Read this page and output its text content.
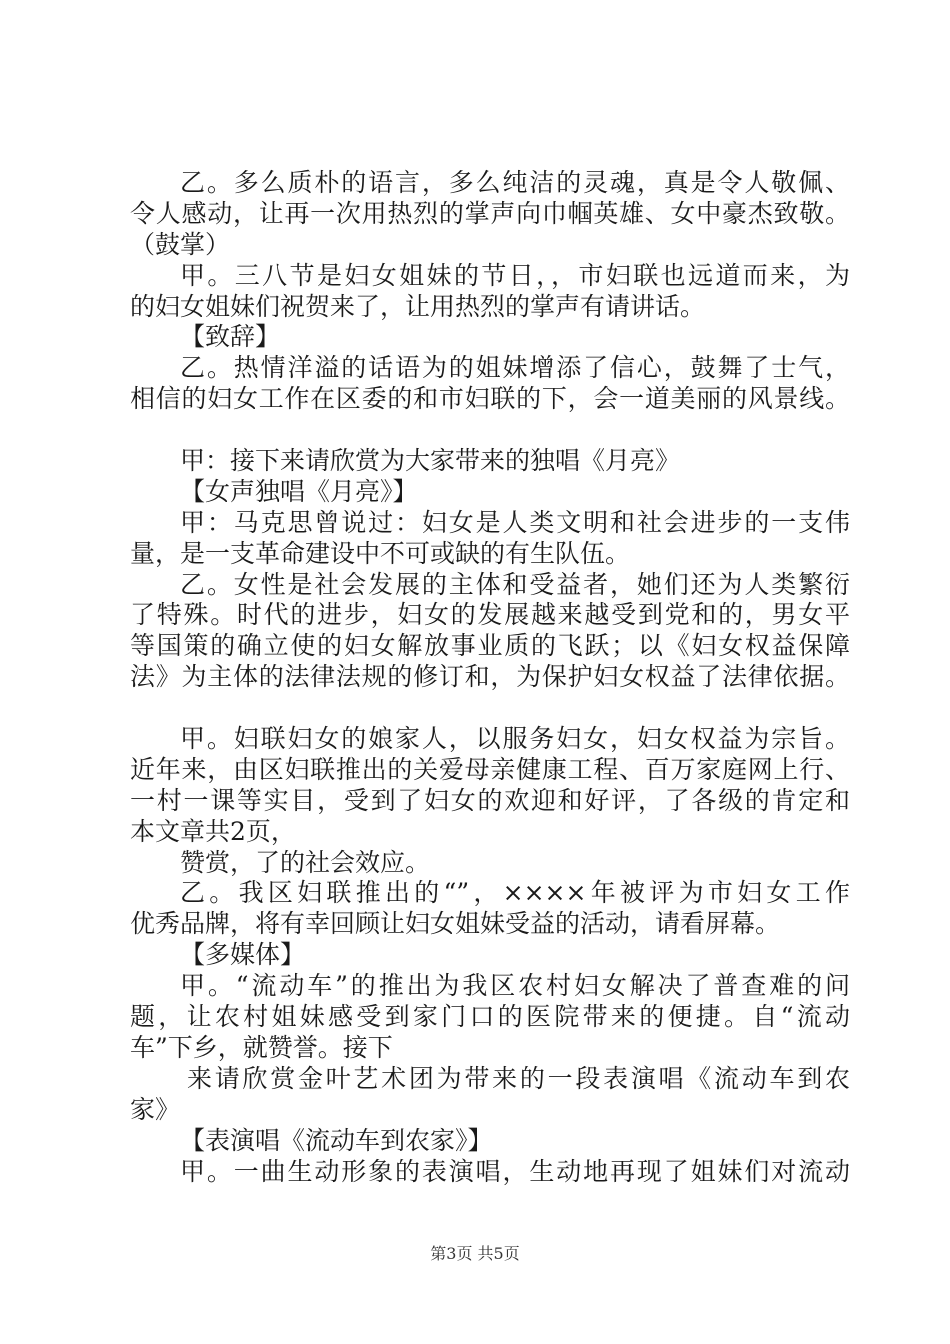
乙。多么质朴的语言，多么纯洁的灵魂，真是令人敬佩、

令人感动，让再一次用热烈的掌声向巾帼英雄、女中豪杰致敬。

（鼓掌）

甲。三八节是妇女姐妹的节日，，市妇联也远道而来，为

的妇女姐妹们祝贺来了，让用热烈的掌声有请讲话。

【致辞】

乙。热情洋溢的话语为的姐妹增添了信心，鼓舞了士气，

相信的妇女工作在区委的和市妇联的下，会一道美丽的风景线。

甲：接下来请欣赏为大家带来的独唱《月亮》

【女声独唱《月亮》】

甲：马克思曾说过：妇女是人类文明和社会进步的一支伟

量，是一支革命建设中不可或缺的有生队伍。

乙。女性是社会发展的主体和受益者，她们还为人类繁衍

了特殊。时代的进步，妇女的发展越来越受到党和的，男女平

等国策的确立使的妇女解放事业质的飞跃；以《妇女权益保障

法》为主体的法律法规的修订和，为保护妇女权益了法律依据。

甲。妇联妇女的娘家人，以服务妇女，妇女权益为宗旨。

近年来，由区妇联推出的关爱母亲健康工程、百万家庭网上行、

一村一课等实目，受到了妇女的欢迎和好评，了各级的肯定和

本文章共2页，

赞赏，了的社会效应。

乙。我区妇联推出的“”，××××年被评为市妇女工作

优秀品牌，将有幸回顾让妇女姐妹受益的活动，请看屏幕。

【多媒体】

甲。“流动车”的推出为我区农村妇女解决了普查难的问

题，让农村姐妹感受到家门口的医院带来的便捷。自“流动

车”下乡，就赞誉。接下

来请欣赏金叶艺术团为带来的一段表演唱《流动车到农

家》

【表演唱《流动车到农家》】

甲。一曲生动形象的表演唱，生动地再现了姐妹们对流动

第3页 共5页
